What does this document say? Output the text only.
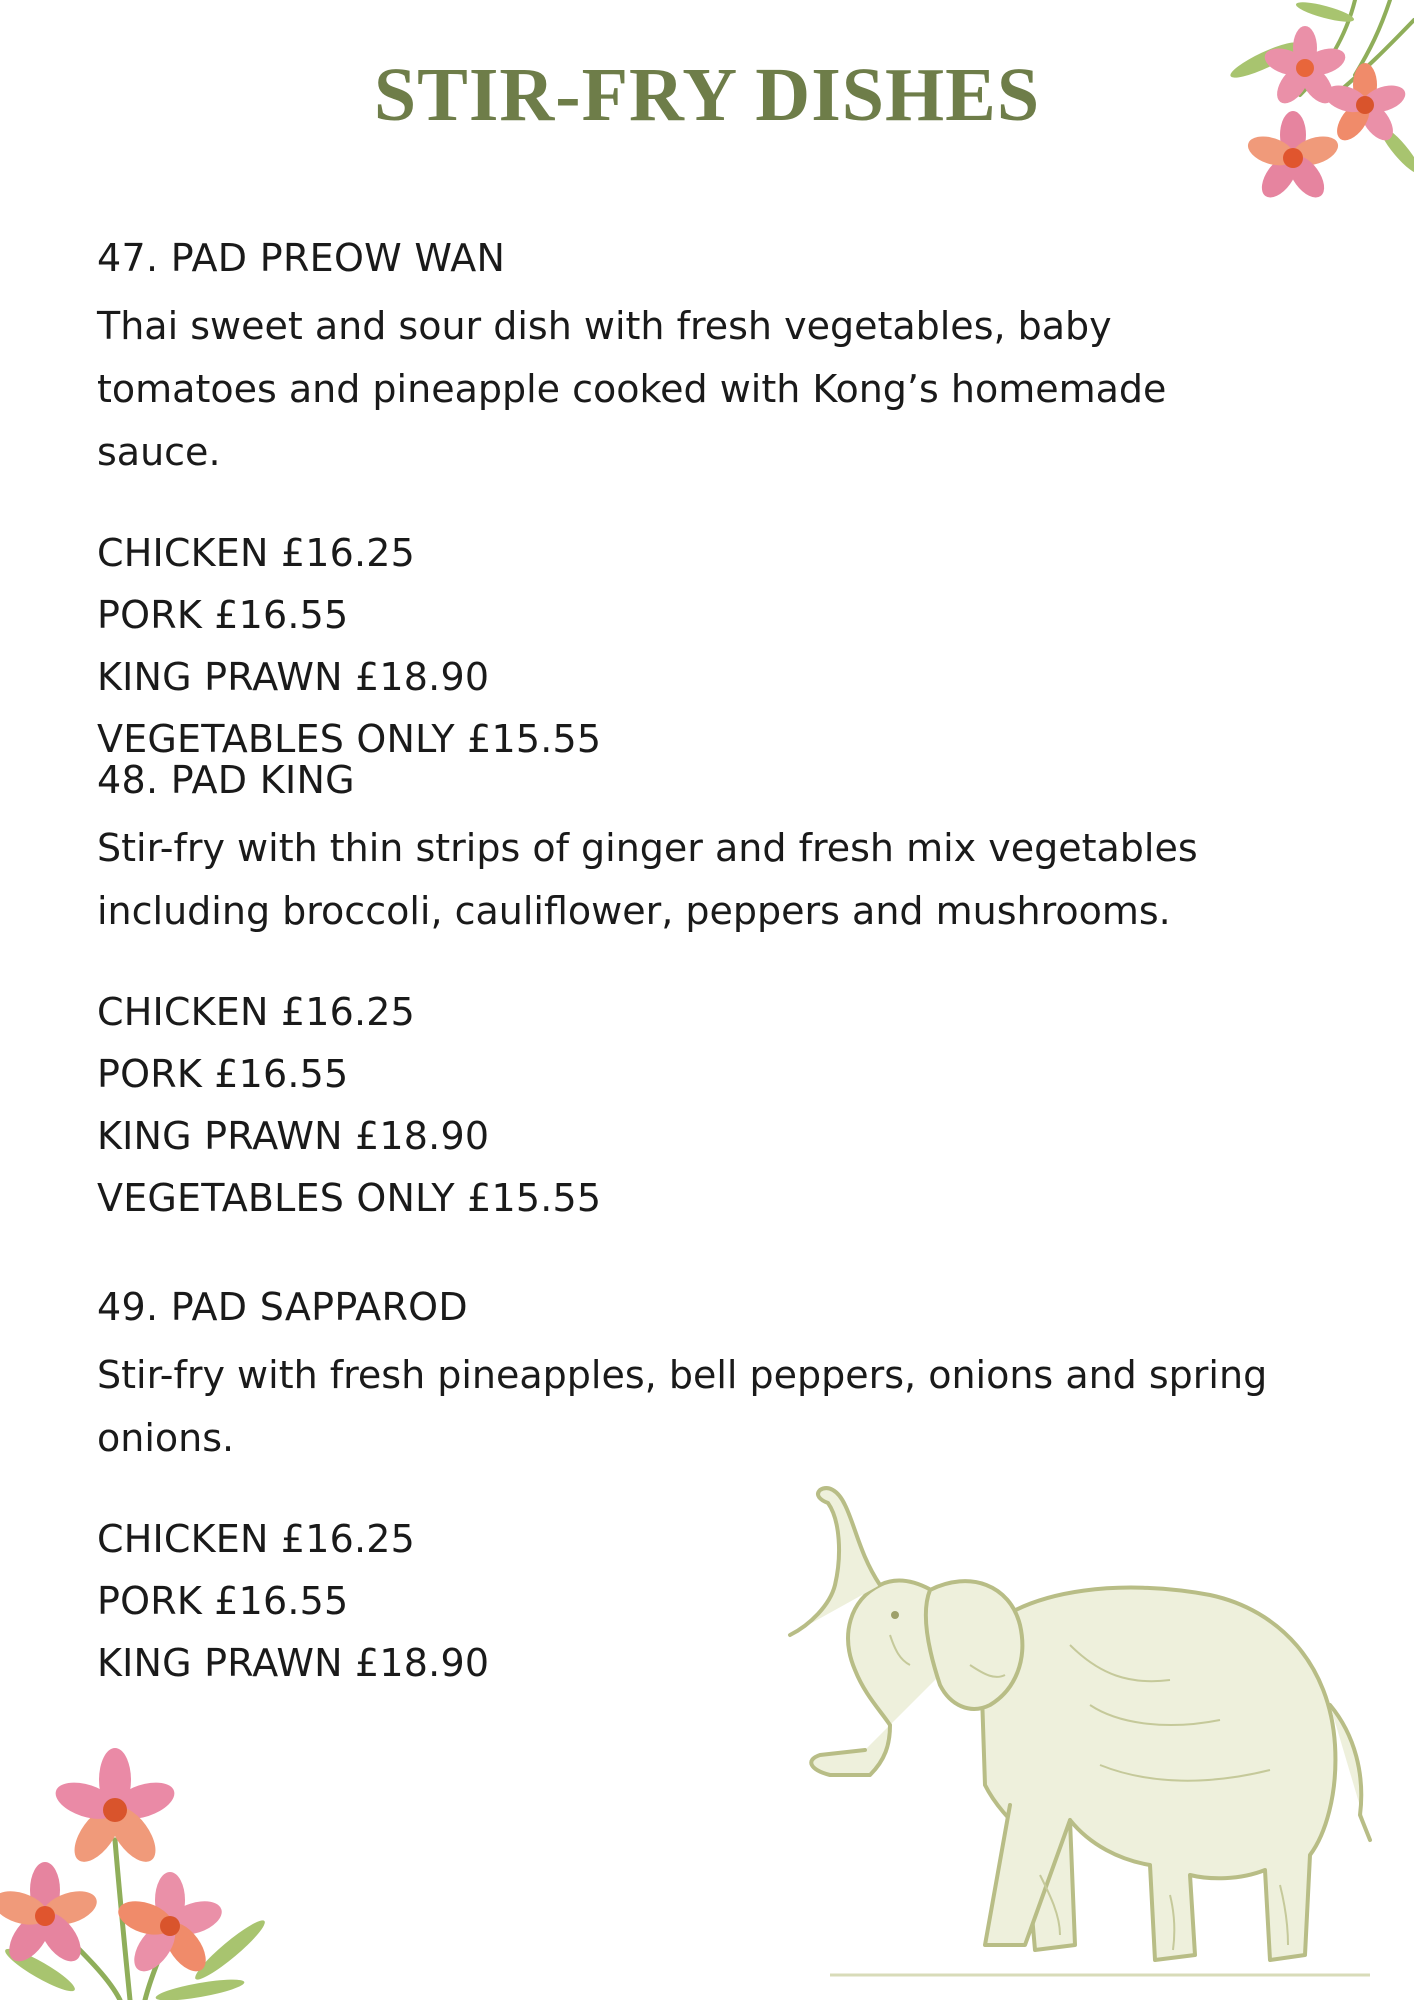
STIR-FRY DISHES
47. PAD PREOW WAN

Thai sweet and sour dish with fresh vegetables, baby tomatoes and pineapple cooked with Kong’s homemade sauce.

CHICKEN £16.25
PORK £16.55
KING PRAWN £18.90
VEGETABLES ONLY £15.55
48. PAD KING

Stir-fry with thin strips of ginger and fresh mix vegetables including broccoli, cauliflower, peppers and mushrooms.

CHICKEN £16.25
PORK £16.55
KING PRAWN £18.90
VEGETABLES ONLY £15.55
49. PAD SAPPAROD

Stir-fry with fresh pineapples, bell peppers, onions and spring onions.

CHICKEN £16.25
PORK £16.55
KING PRAWN £18.90
